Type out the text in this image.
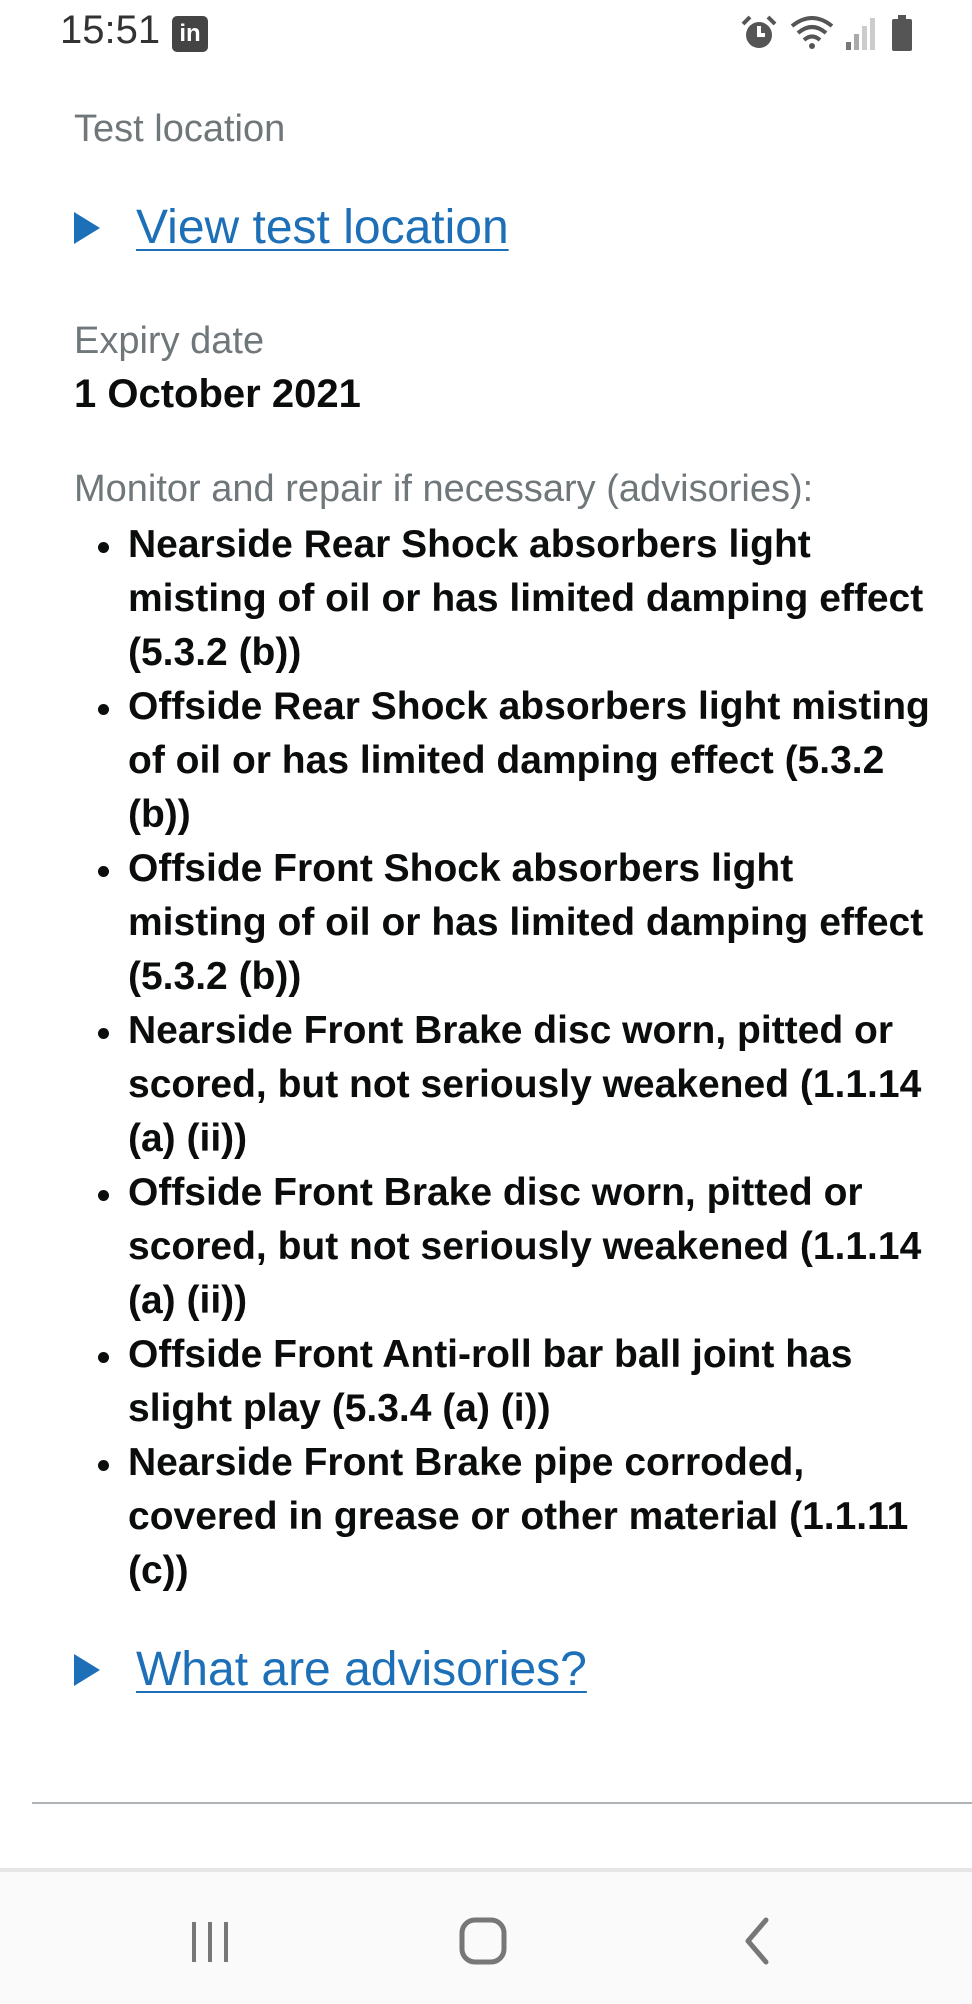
15:51 in
Test location
View test location
Expiry date
1 October 2021
Monitor and repair if necessary (advisories):
Nearside Rear Shock absorbers light misting of oil or has limited damping effect (5.3.2 (b))
Offside Rear Shock absorbers light misting of oil or has limited damping effect (5.3.2 (b))
Offside Front Shock absorbers light misting of oil or has limited damping effect (5.3.2 (b))
Nearside Front Brake disc worn, pitted or scored, but not seriously weakened (1.1.14 (a) (ii))
Offside Front Brake disc worn, pitted or scored, but not seriously weakened (1.1.14 (a) (ii))
Offside Front Anti-roll bar ball joint has slight play (5.3.4 (a) (i))
Nearside Front Brake pipe corroded, covered in grease or other material (1.1.11 (c))
What are advisories?
